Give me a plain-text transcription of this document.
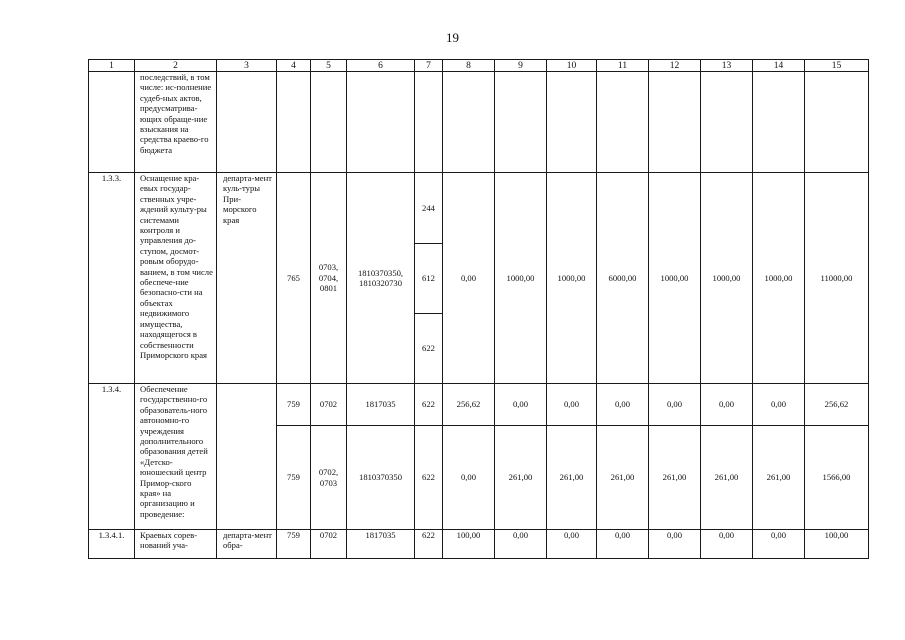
19
1	2	3	4	5	6	7	8	9	10	11	12	13	14	15
	последствий, в том числе: ис-полнение судеб-ных актов, предусматрива-ющих обраще-ние взыскания на средства краево-го бюджета													
1.3.3.	Оснащение кра-евых государ-ственных учре-ждений культу-ры системами контроля и управления до-ступом, досмот-ровым оборудо-ванием, в том числе обеспече-ние безопасно-сти на объектах недвижимого имущества, находящегося в собственности Приморского края	департа-мент куль-туры При-морского края	765	0703, 0704, 0801	1810370350, 1810320730	244	0,00	1000,00	1000,00	6000,00	1000,00	1000,00	1000,00	11000,00
						612								
						622								
1.3.4.	Обеспечение государственно-го образователь-ного автономно-го учреждения дополнительного образования детей «Детско-юношеский центр Примор-ского края» на организацию и проведение:		759	0702	1817035	622	256,62	0,00	0,00	0,00	0,00	0,00	0,00	256,62
			759	0702, 0703	1810370350	622	0,00	261,00	261,00	261,00	261,00	261,00	261,00	1566,00
1.3.4.1.	Краевых сорев-нований уча-	департа-мент обра-	759	0702	1817035	622	100,00	0,00	0,00	0,00	0,00	0,00	0,00	100,00
